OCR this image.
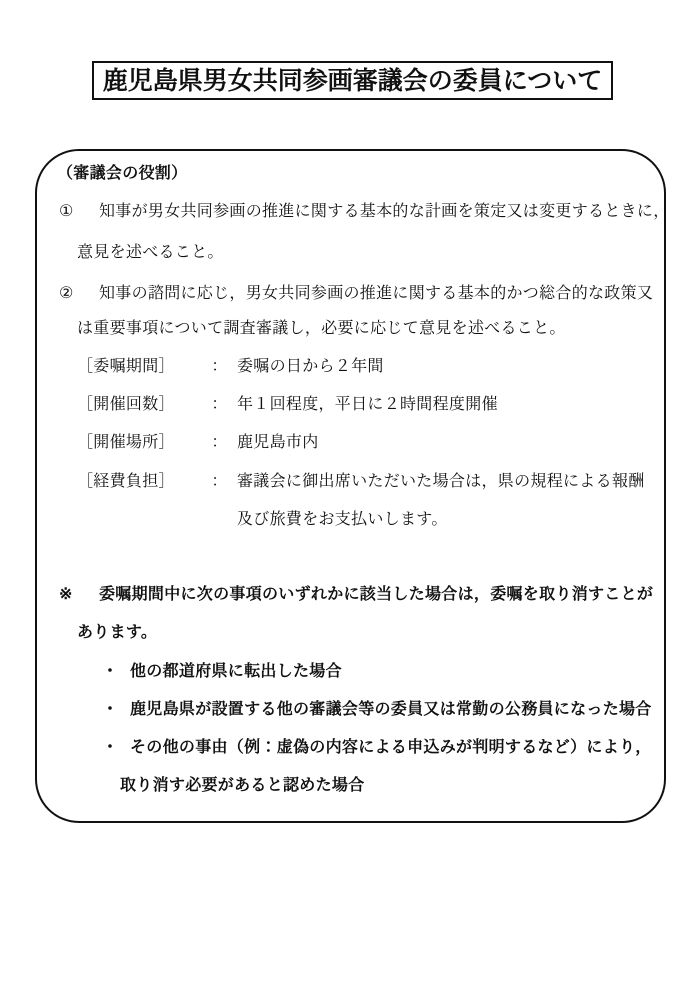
鹿児島県男女共同参画審議会の委員について
（審議会の役割）
① 知事が男女共同参画の推進に関する基本的な計画を策定又は変更するときに，
意見を述べること。
② 知事の諮問に応じ，男女共同参画の推進に関する基本的かつ総合的な政策又
は重要事項について調査審議し，必要に応じて意見を述べること。
［委嘱期間］ ： 委嘱の日から２年間
［開催回数］ ： 年１回程度，平日に２時間程度開催
［開催場所］ ： 鹿児島市内
［経費負担］ ： 審議会に御出席いただいた場合は，県の規程による報酬
及び旅費をお支払いします。
※ 委嘱期間中に次の事項のいずれかに該当した場合は，委嘱を取り消すことが
あります。
・ 他の都道府県に転出した場合
・ 鹿児島県が設置する他の審議会等の委員又は常勤の公務員になった場合
・ その他の事由（例：虚偽の内容による申込みが判明するなど）により，
取り消す必要があると認めた場合
